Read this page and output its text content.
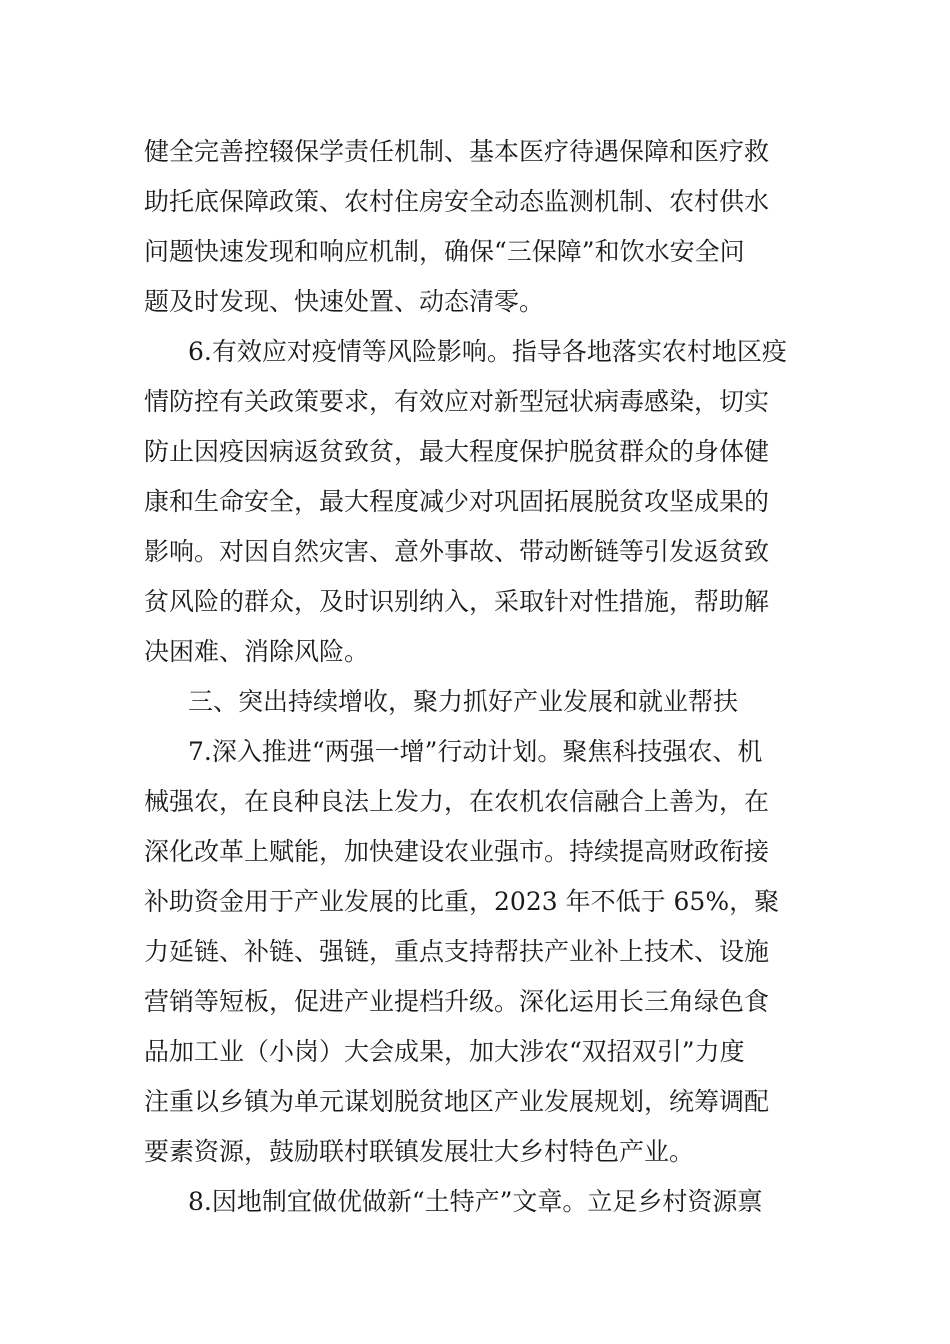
健全完善控辍保学责任机制、基本医疗待遇保障和医疗救
助托底保障政策、农村住房安全动态监测机制、农村供水
问题快速发现和响应机制，确保“三保障”和饮水安全问
题及时发现、快速处置、动态清零。
6.有效应对疫情等风险影响。指导各地落实农村地区疫
情防控有关政策要求，有效应对新型冠状病毒感染，切实
防止因疫因病返贫致贫，最大程度保护脱贫群众的身体健
康和生命安全，最大程度减少对巩固拓展脱贫攻坚成果的
影响。对因自然灾害、意外事故、带动断链等引发返贫致
贫风险的群众，及时识别纳入，采取针对性措施，帮助解
决困难、消除风险。
三、突出持续增收，聚力抓好产业发展和就业帮扶
7.深入推进“两强一增”行动计划。聚焦科技强农、机
械强农，在良种良法上发力，在农机农信融合上善为，在
深化改革上赋能，加快建设农业强市。持续提高财政衔接
补助资金用于产业发展的比重，2023 年不低于 65%，聚
力延链、补链、强链，重点支持帮扶产业补上技术、设施
营销等短板，促进产业提档升级。深化运用长三角绿色食
品加工业（小岗）大会成果，加大涉农“双招双引”力度
注重以乡镇为单元谋划脱贫地区产业发展规划，统筹调配
要素资源，鼓励联村联镇发展壮大乡村特色产业。
8.因地制宜做优做新“土特产”文章。立足乡村资源禀
